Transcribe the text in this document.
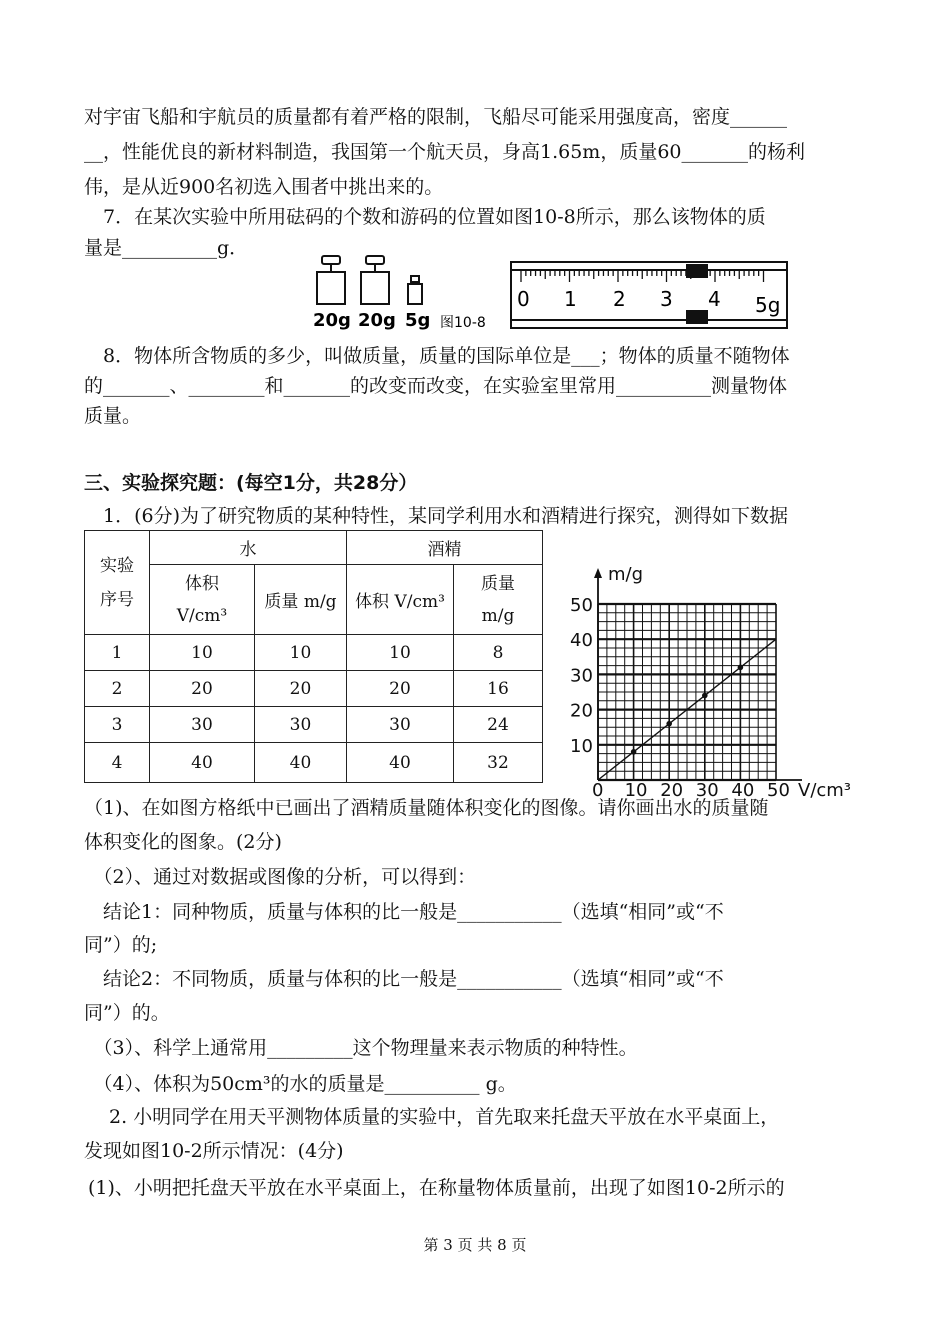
对宇宙飞船和宇航员的质量都有着严格的限制，飞船尽可能采用强度高，密度______
__，性能优良的新材料制造，我国第一个航天员，身高1.65m，质量60_______的杨利
伟，是从近900名初选入围者中挑出来的。
　7．在某次实验中所用砝码的个数和游码的位置如图10-8所示，那么该物体的质
量是__________g．
20g 20g 5g 图10-8
0 1 2 3 4 5g
　8．物体所含物质的多少，叫做质量，质量的国际单位是___；物体的质量不随物体
的_______、________和_______的改变而改变，在实验室里常用__________测量物体
质量。
三、实验探究题：(每空1分，共28分）
　1．(6分)为了研究物质的某种特性，某同学利用水和酒精进行探究，测得如下数据
实验序号	水		酒精	
	体积 V/cm³	质量 m/g	体积 V/cm³	质量 m/g
1	10	10	10	8
2	20	20	20	16
3	30	30	30	24
4	40	40	40	32
0 10 20 30 40 50
10
20
30
40
50
m/g
V/cm³
（1)、在如图方格纸中已画出了酒精质量随体积变化的图像。请你画出水的质量随
体积变化的图象。(2分)
　（2）、通过对数据或图像的分析，可以得到：
　结论1：同种物质，质量与体积的比一般是___________（选填“相同”或“不
同”）的;
　结论2：不同物质，质量与体积的比一般是___________（选填“相同”或“不
同”）的。
　（3）、科学上通常用_________这个物理量来表示物质的种特性。
　（4）、体积为50cm³的水的质量是__________ g。
　 2. 小明同学在用天平测物体质量的实验中，首先取来托盘天平放在水平桌面上，
发现如图10-2所示情况：(4分)
(1)、小明把托盘天平放在水平桌面上，在称量物体质量前，出现了如图10-2所示的
第 3 页 共 8 页
